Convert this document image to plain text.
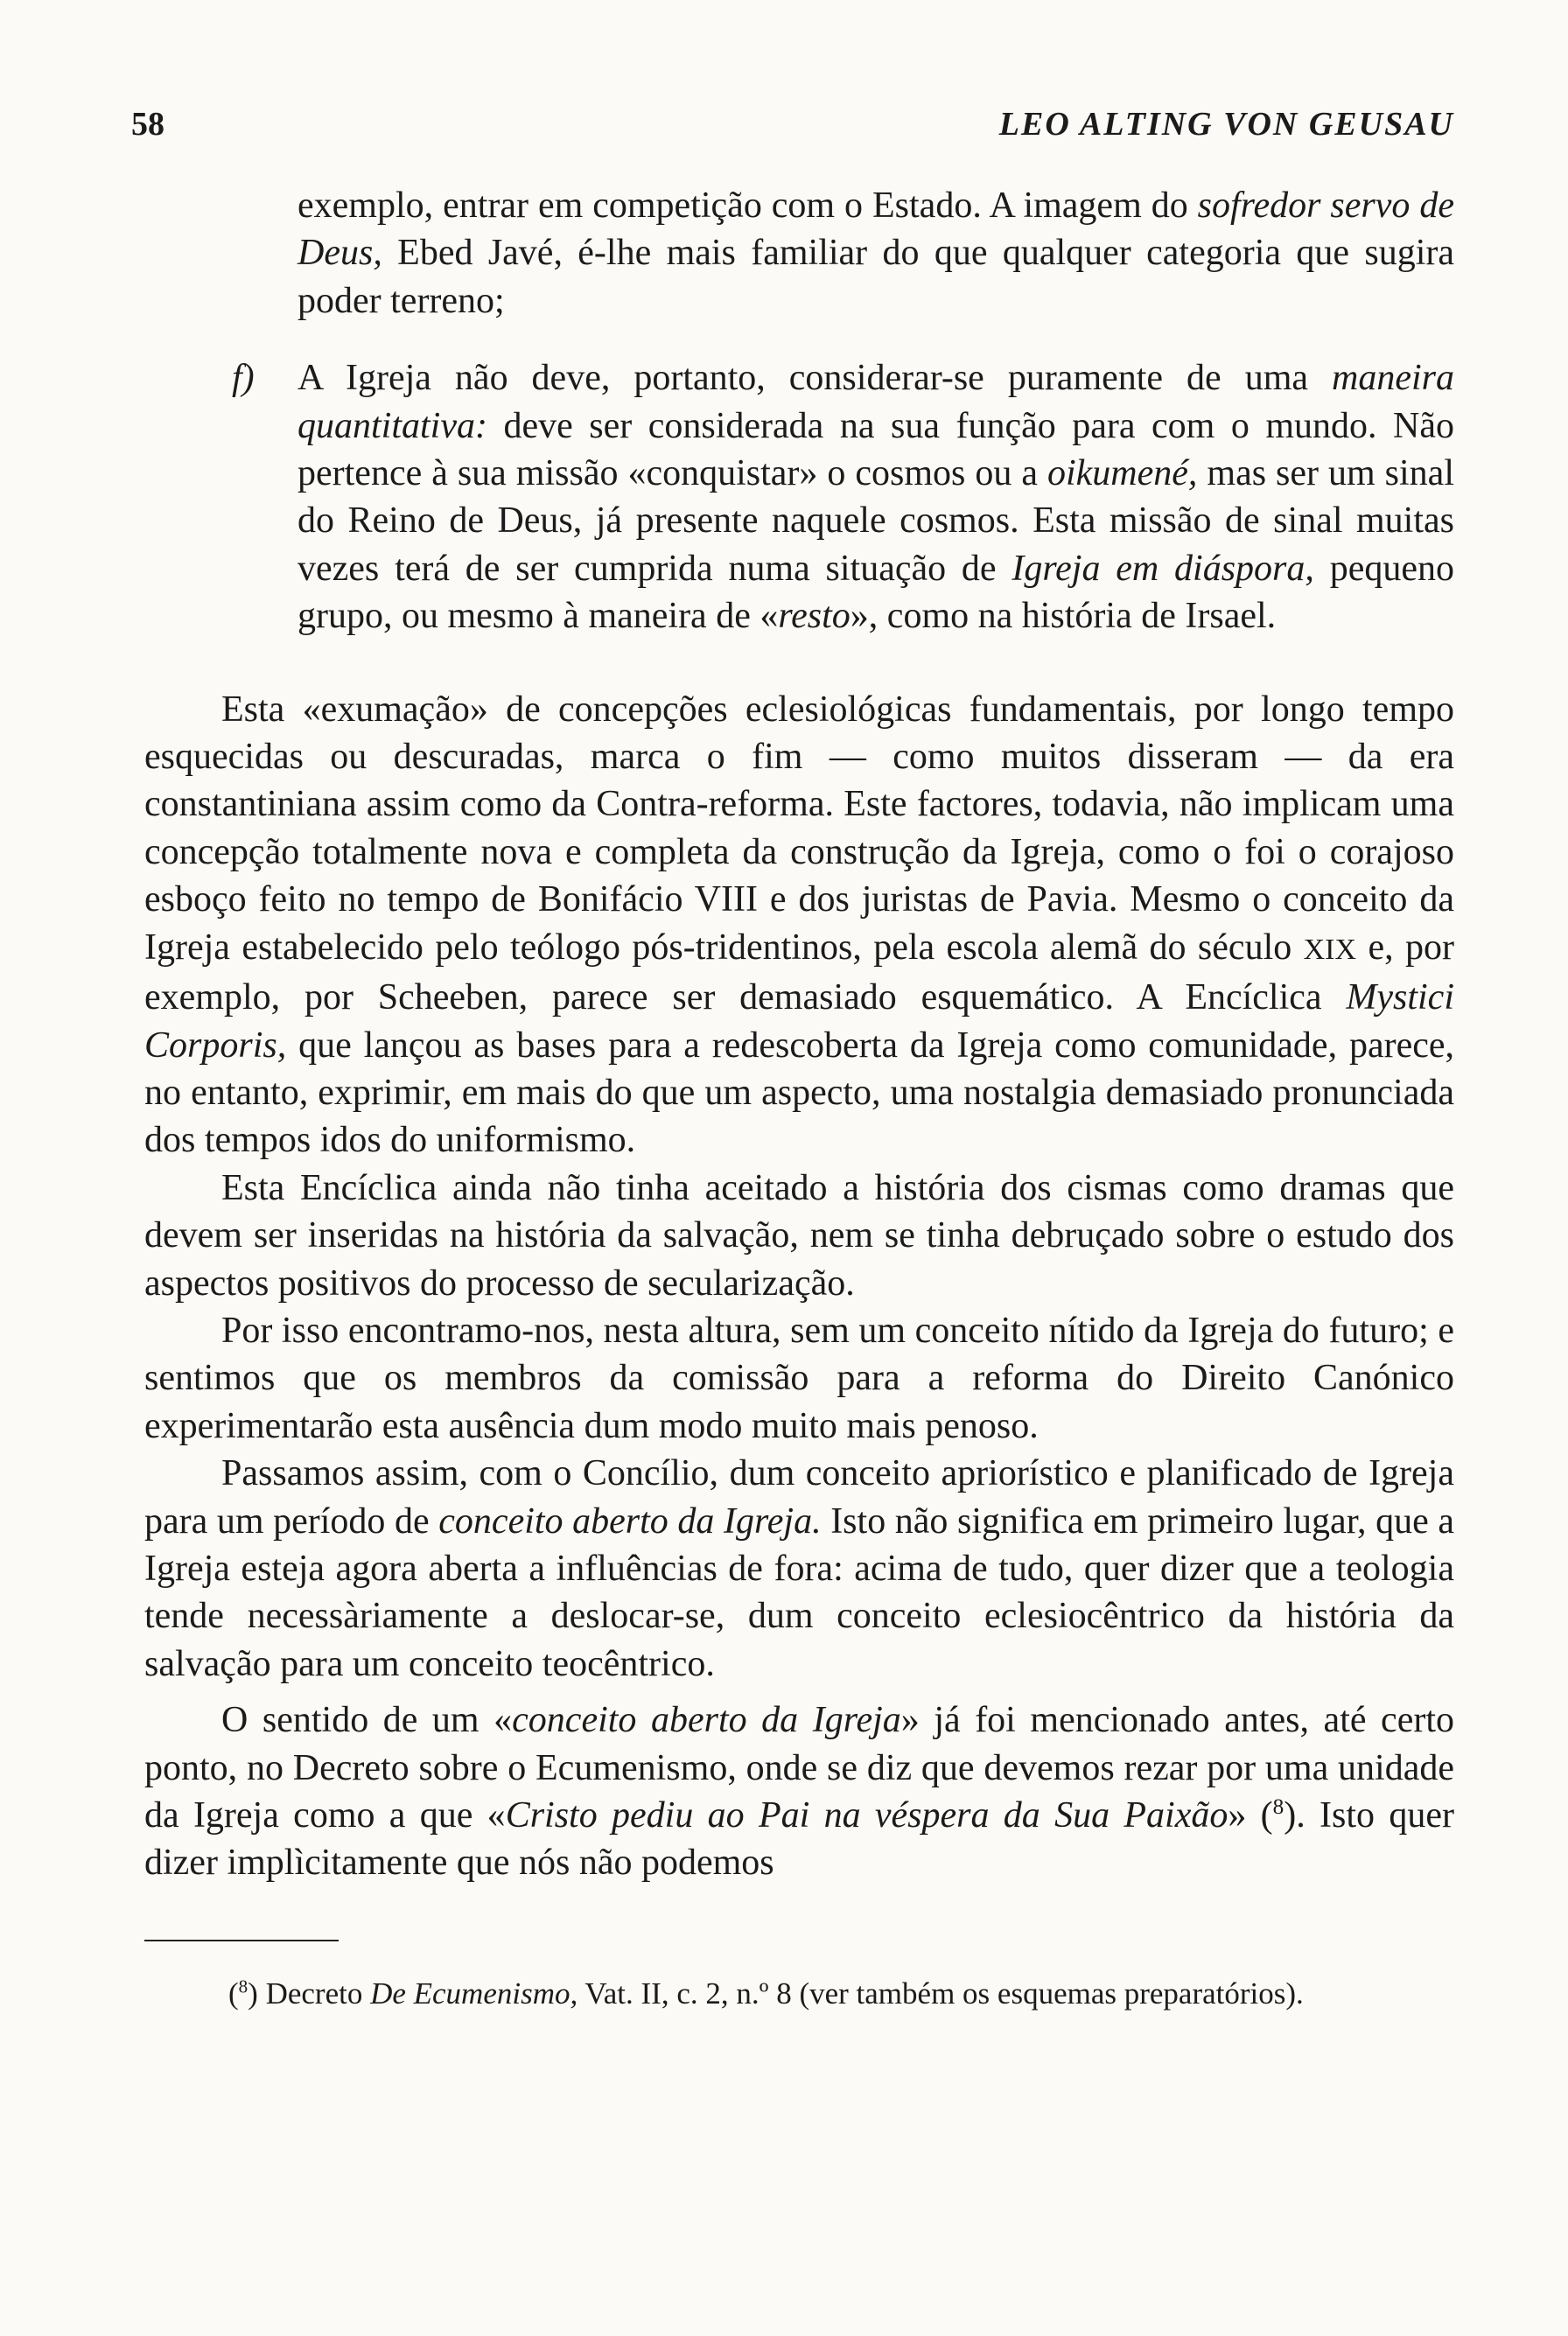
58	LEO ALTING VON GEUSAU

exemplo, entrar em competição com o Estado. A imagem do sofredor servo de Deus, Ebed Javé, é-lhe mais familiar do que qualquer categoria que sugira poder terreno;

f) A Igreja não deve, portanto, considerar-se puramente de uma maneira quantitativa: deve ser considerada na sua função para com o mundo. Não pertence à sua missão «conquistar» o cosmos ou a oikumené, mas ser um sinal do Reino de Deus, já presente naquele cosmos. Esta missão de sinal muitas vezes terá de ser cumprida numa situação de Igreja em diáspora, pequeno grupo, ou mesmo à maneira de «resto», como na história de Irsael.

Esta «exumação» de concepções eclesiológicas fundamentais, por longo tempo esquecidas ou descuradas, marca o fim — como muitos disseram — da era constantiniana assim como da Contra-reforma. Este factores, todavia, não implicam uma concepção totalmente nova e completa da construção da Igreja, como o foi o corajoso esboço feito no tempo de Bonifácio VIII e dos juristas de Pavia. Mesmo o conceito da Igreja estabelecido pelo teólogo pós-tridentinos, pela escola alemã do século XIX e, por exemplo, por Scheeben, parece ser demasiado esquemático. A Encíclica Mystici Corporis, que lançou as bases para a redescoberta da Igreja como comunidade, parece, no entanto, exprimir, em mais do que um aspecto, uma nostalgia demasiado pronunciada dos tempos idos do uniformismo.

Esta Encíclica ainda não tinha aceitado a história dos cismas como dramas que devem ser inseridas na história da salvação, nem se tinha debruçado sobre o estudo dos aspectos positivos do processo de secularização.

Por isso encontramo-nos, nesta altura, sem um conceito nítido da Igreja do futuro; e sentimos que os membros da comissão para a reforma do Direito Canónico experimentarão esta ausência dum modo muito mais penoso.

Passamos assim, com o Concílio, dum conceito apriorístico e planificado de Igreja para um período de conceito aberto da Igreja. Isto não significa em primeiro lugar, que a Igreja esteja agora aberta a influências de fora: acima de tudo, quer dizer que a teologia tende necessàriamente a deslocar-se, dum conceito eclesiocêntrico da história da salvação para um conceito teocêntrico.

O sentido de um «conceito aberto da Igreja» já foi mencionado antes, até certo ponto, no Decreto sobre o Ecumenismo, onde se diz que devemos rezar por uma unidade da Igreja como a que «Cristo pediu ao Pai na véspera da Sua Paixão» ($^8$). Isto quer dizer implìcitamente que nós não podemos

($^8$) Decreto De Ecumenismo, Vat. II, c. 2, n.º 8 (ver também os esquemas preparatórios).
